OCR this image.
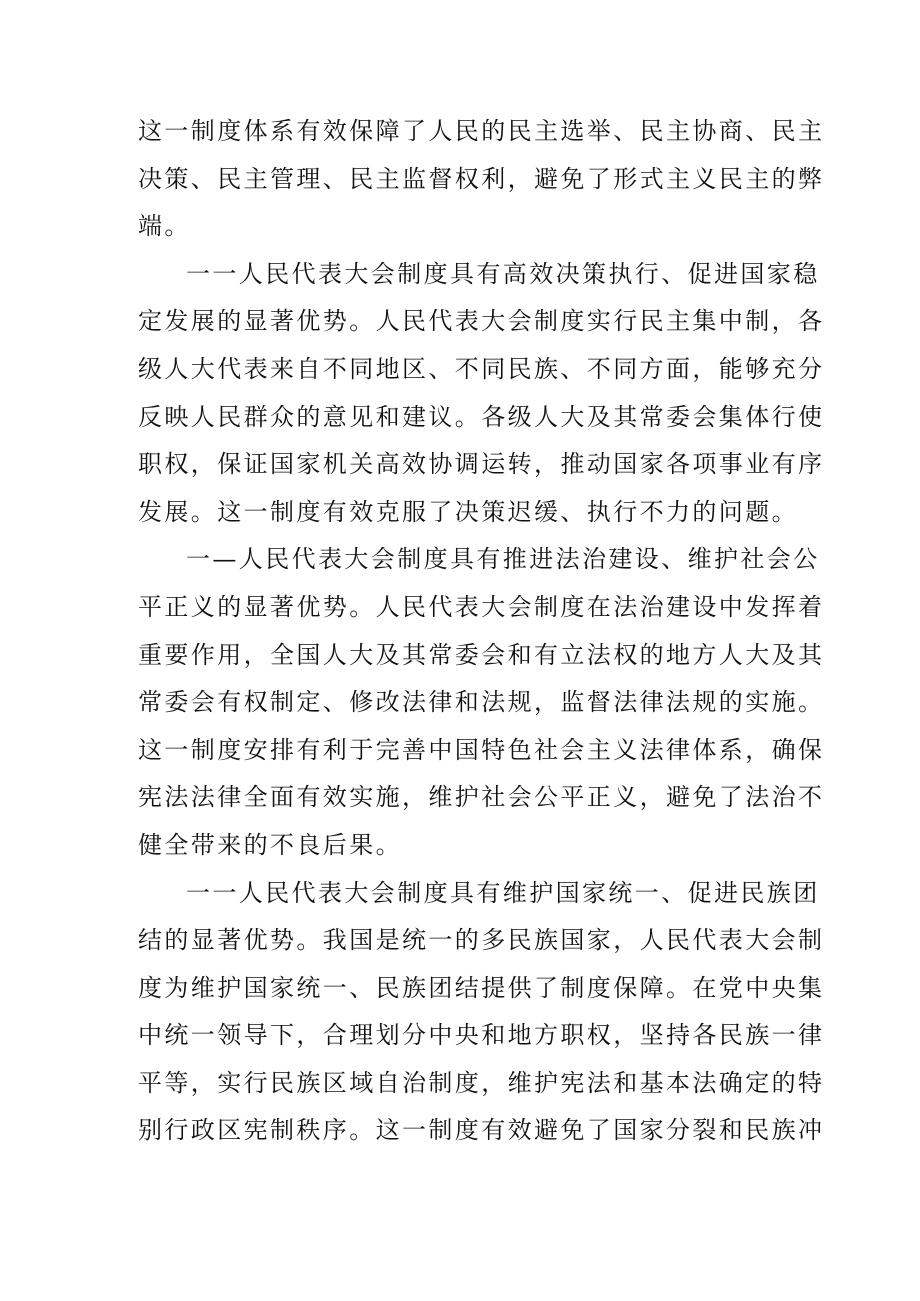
这一制度体系有效保障了人民的民主选举、民主协商、民主
决策、民主管理、民主监督权利，避免了形式主义民主的弊
端。
一一人民代表大会制度具有高效决策执行、促进国家稳
定发展的显著优势。人民代表大会制度实行民主集中制，各
级人大代表来自不同地区、不同民族、不同方面，能够充分
反映人民群众的意见和建议。各级人大及其常委会集体行使
职权，保证国家机关高效协调运转，推动国家各项事业有序
发展。这一制度有效克服了决策迟缓、执行不力的问题。
一—人民代表大会制度具有推进法治建设、维护社会公
平正义的显著优势。人民代表大会制度在法治建设中发挥着
重要作用，全国人大及其常委会和有立法权的地方人大及其
常委会有权制定、修改法律和法规，监督法律法规的实施。
这一制度安排有利于完善中国特色社会主义法律体系，确保
宪法法律全面有效实施，维护社会公平正义，避免了法治不
健全带来的不良后果。
一一人民代表大会制度具有维护国家统一、促进民族团
结的显著优势。我国是统一的多民族国家，人民代表大会制
度为维护国家统一、民族团结提供了制度保障。在党中央集
中统一领导下，合理划分中央和地方职权，坚持各民族一律
平等，实行民族区域自治制度，维护宪法和基本法确定的特
别行政区宪制秩序。这一制度有效避免了国家分裂和民族冲
